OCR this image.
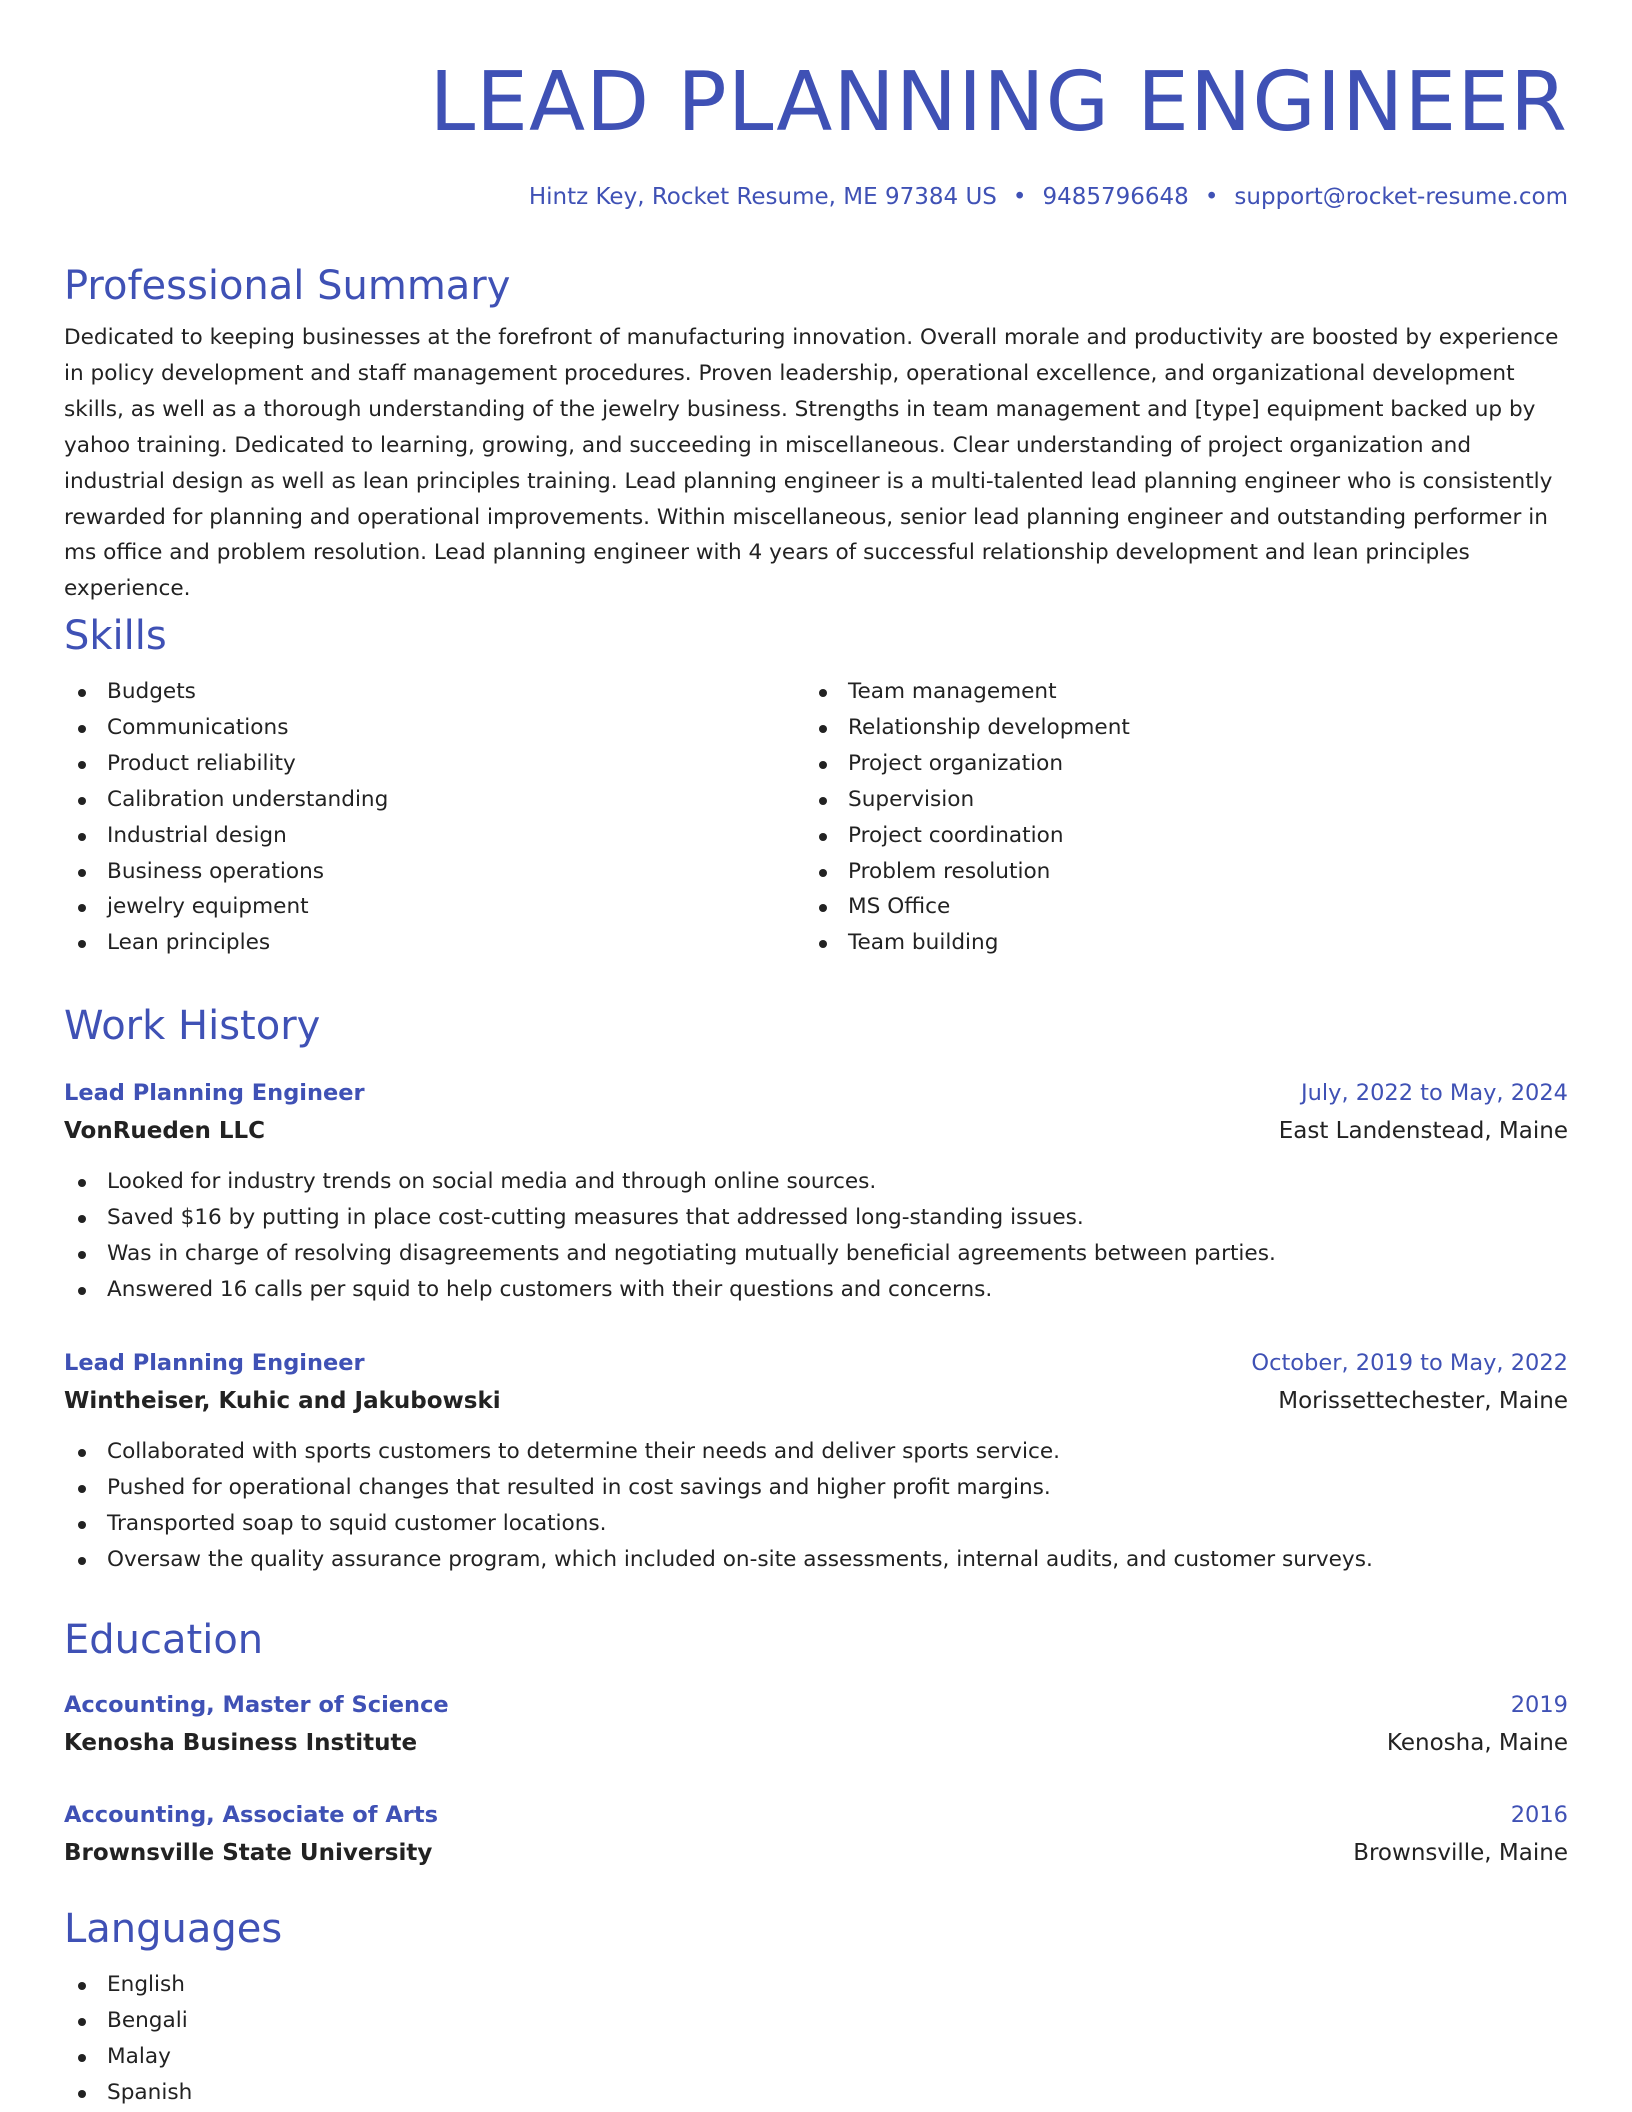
LEAD PLANNING ENGINEER

Hintz Key, Rocket Resume, ME 97384 US • 9485796648 • support@rocket-resume.com

Professional Summary

Dedicated to keeping businesses at the forefront of manufacturing innovation. Overall morale and productivity are boosted by experience in policy development and staff management procedures. Proven leadership, operational excellence, and organizational development skills, as well as a thorough understanding of the jewelry business. Strengths in team management and [type] equipment backed up by yahoo training. Dedicated to learning, growing, and succeeding in miscellaneous. Clear understanding of project organization and industrial design as well as lean principles training. Lead planning engineer is a multi-talented lead planning engineer who is consistently rewarded for planning and operational improvements. Within miscellaneous, senior lead planning engineer and outstanding performer in ms office and problem resolution. Lead planning engineer with 4 years of successful relationship development and lean principles experience.

Skills
Budgets
Communications
Product reliability
Calibration understanding
Industrial design
Business operations
jewelry equipment
Lean principles
Team management
Relationship development
Project organization
Supervision
Project coordination
Problem resolution
MS Office
Team building
Work History
Lead Planning Engineer	July, 2022 to May, 2024
VonRueden LLC	East Landenstead, Maine
Looked for industry trends on social media and through online sources.
Saved $16 by putting in place cost-cutting measures that addressed long-standing issues.
Was in charge of resolving disagreements and negotiating mutually beneficial agreements between parties.
Answered 16 calls per squid to help customers with their questions and concerns.
Lead Planning Engineer	October, 2019 to May, 2022
Wintheiser, Kuhic and Jakubowski	Morissettechester, Maine
Collaborated with sports customers to determine their needs and deliver sports service.
Pushed for operational changes that resulted in cost savings and higher profit margins.
Transported soap to squid customer locations.
Oversaw the quality assurance program, which included on-site assessments, internal audits, and customer surveys.
Education
Accounting, Master of Science	2019
Kenosha Business Institute	Kenosha, Maine
Accounting, Associate of Arts	2016
Brownsville State University	Brownsville, Maine
Languages
English
Bengali
Malay
Spanish
